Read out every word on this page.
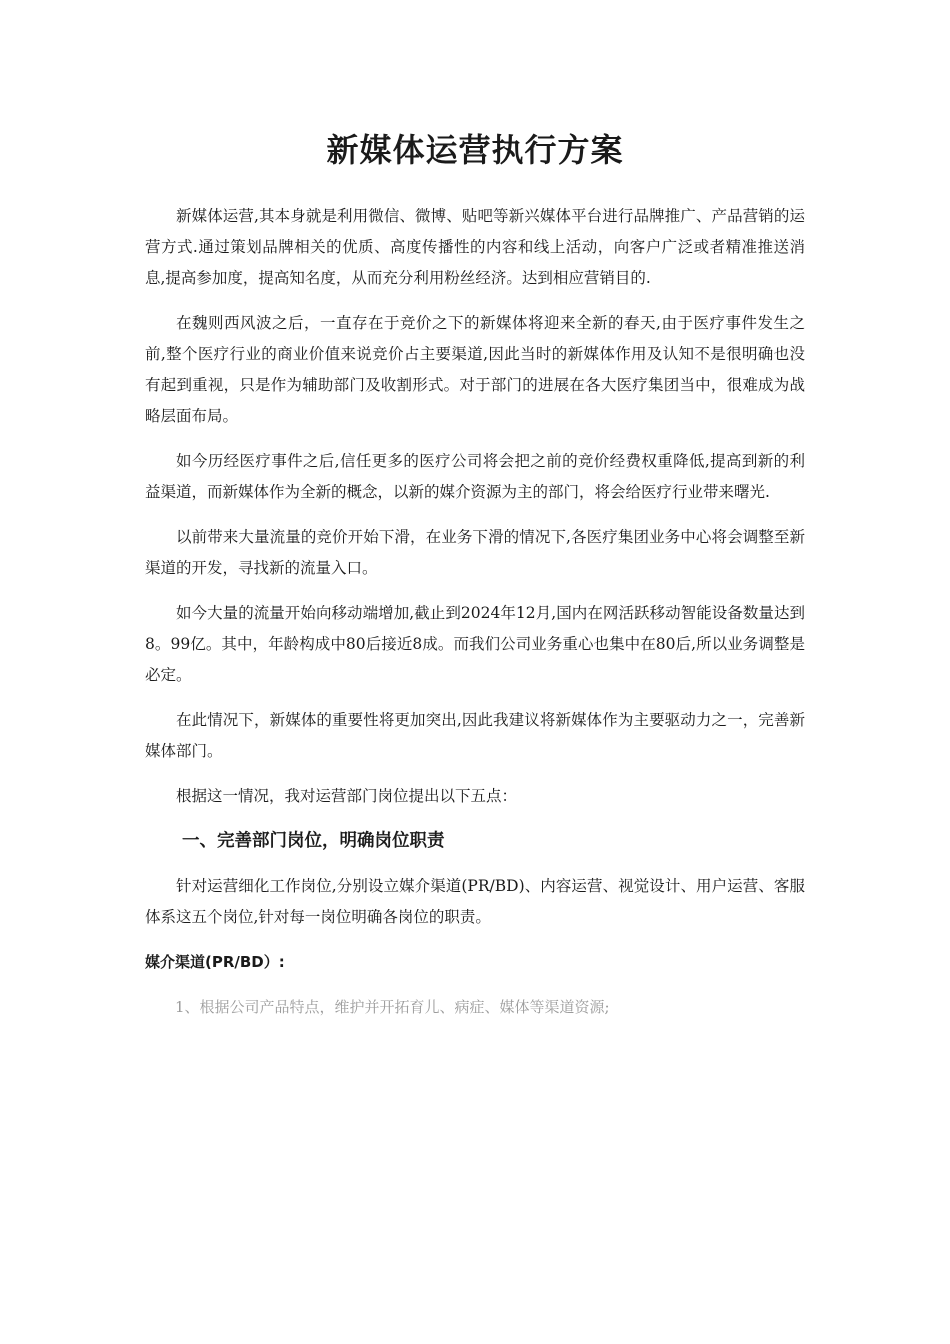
新媒体运营执行方案

新媒体运营,其本身就是利用微信、微博、贴吧等新兴媒体平台进行品牌推广、产品营销的运营方式.通过策划品牌相关的优质、高度传播性的内容和线上活动，向客户广泛或者精准推送消息,提高参加度，提高知名度，从而充分利用粉丝经济。达到相应营销目的.

在魏则西风波之后，一直存在于竞价之下的新媒体将迎来全新的春天,由于医疗事件发生之前,整个医疗行业的商业价值来说竞价占主要渠道,因此当时的新媒体作用及认知不是很明确也没有起到重视，只是作为辅助部门及收割形式。对于部门的进展在各大医疗集团当中，很难成为战略层面布局。

如今历经医疗事件之后,信任更多的医疗公司将会把之前的竞价经费权重降低,提高到新的利益渠道，而新媒体作为全新的概念，以新的媒介资源为主的部门，将会给医疗行业带来曙光.

以前带来大量流量的竞价开始下滑，在业务下滑的情况下,各医疗集团业务中心将会调整至新渠道的开发，寻找新的流量入口。

如今大量的流量开始向移动端增加,截止到2024年12月,国内在网活跃移动智能设备数量达到8。99亿。其中，年龄构成中80后接近8成。而我们公司业务重心也集中在80后,所以业务调整是必定。

在此情况下，新媒体的重要性将更加突出,因此我建议将新媒体作为主要驱动力之一，完善新媒体部门。

根据这一情况，我对运营部门岗位提出以下五点：

一、完善部门岗位，明确岗位职责

针对运营细化工作岗位,分别设立媒介渠道(PR/BD)、内容运营、视觉设计、用户运营、客服体系这五个岗位,针对每一岗位明确各岗位的职责。

媒介渠道(PR/BD）:

1、根据公司产品特点，维护并开拓育儿、病症、媒体等渠道资源;
